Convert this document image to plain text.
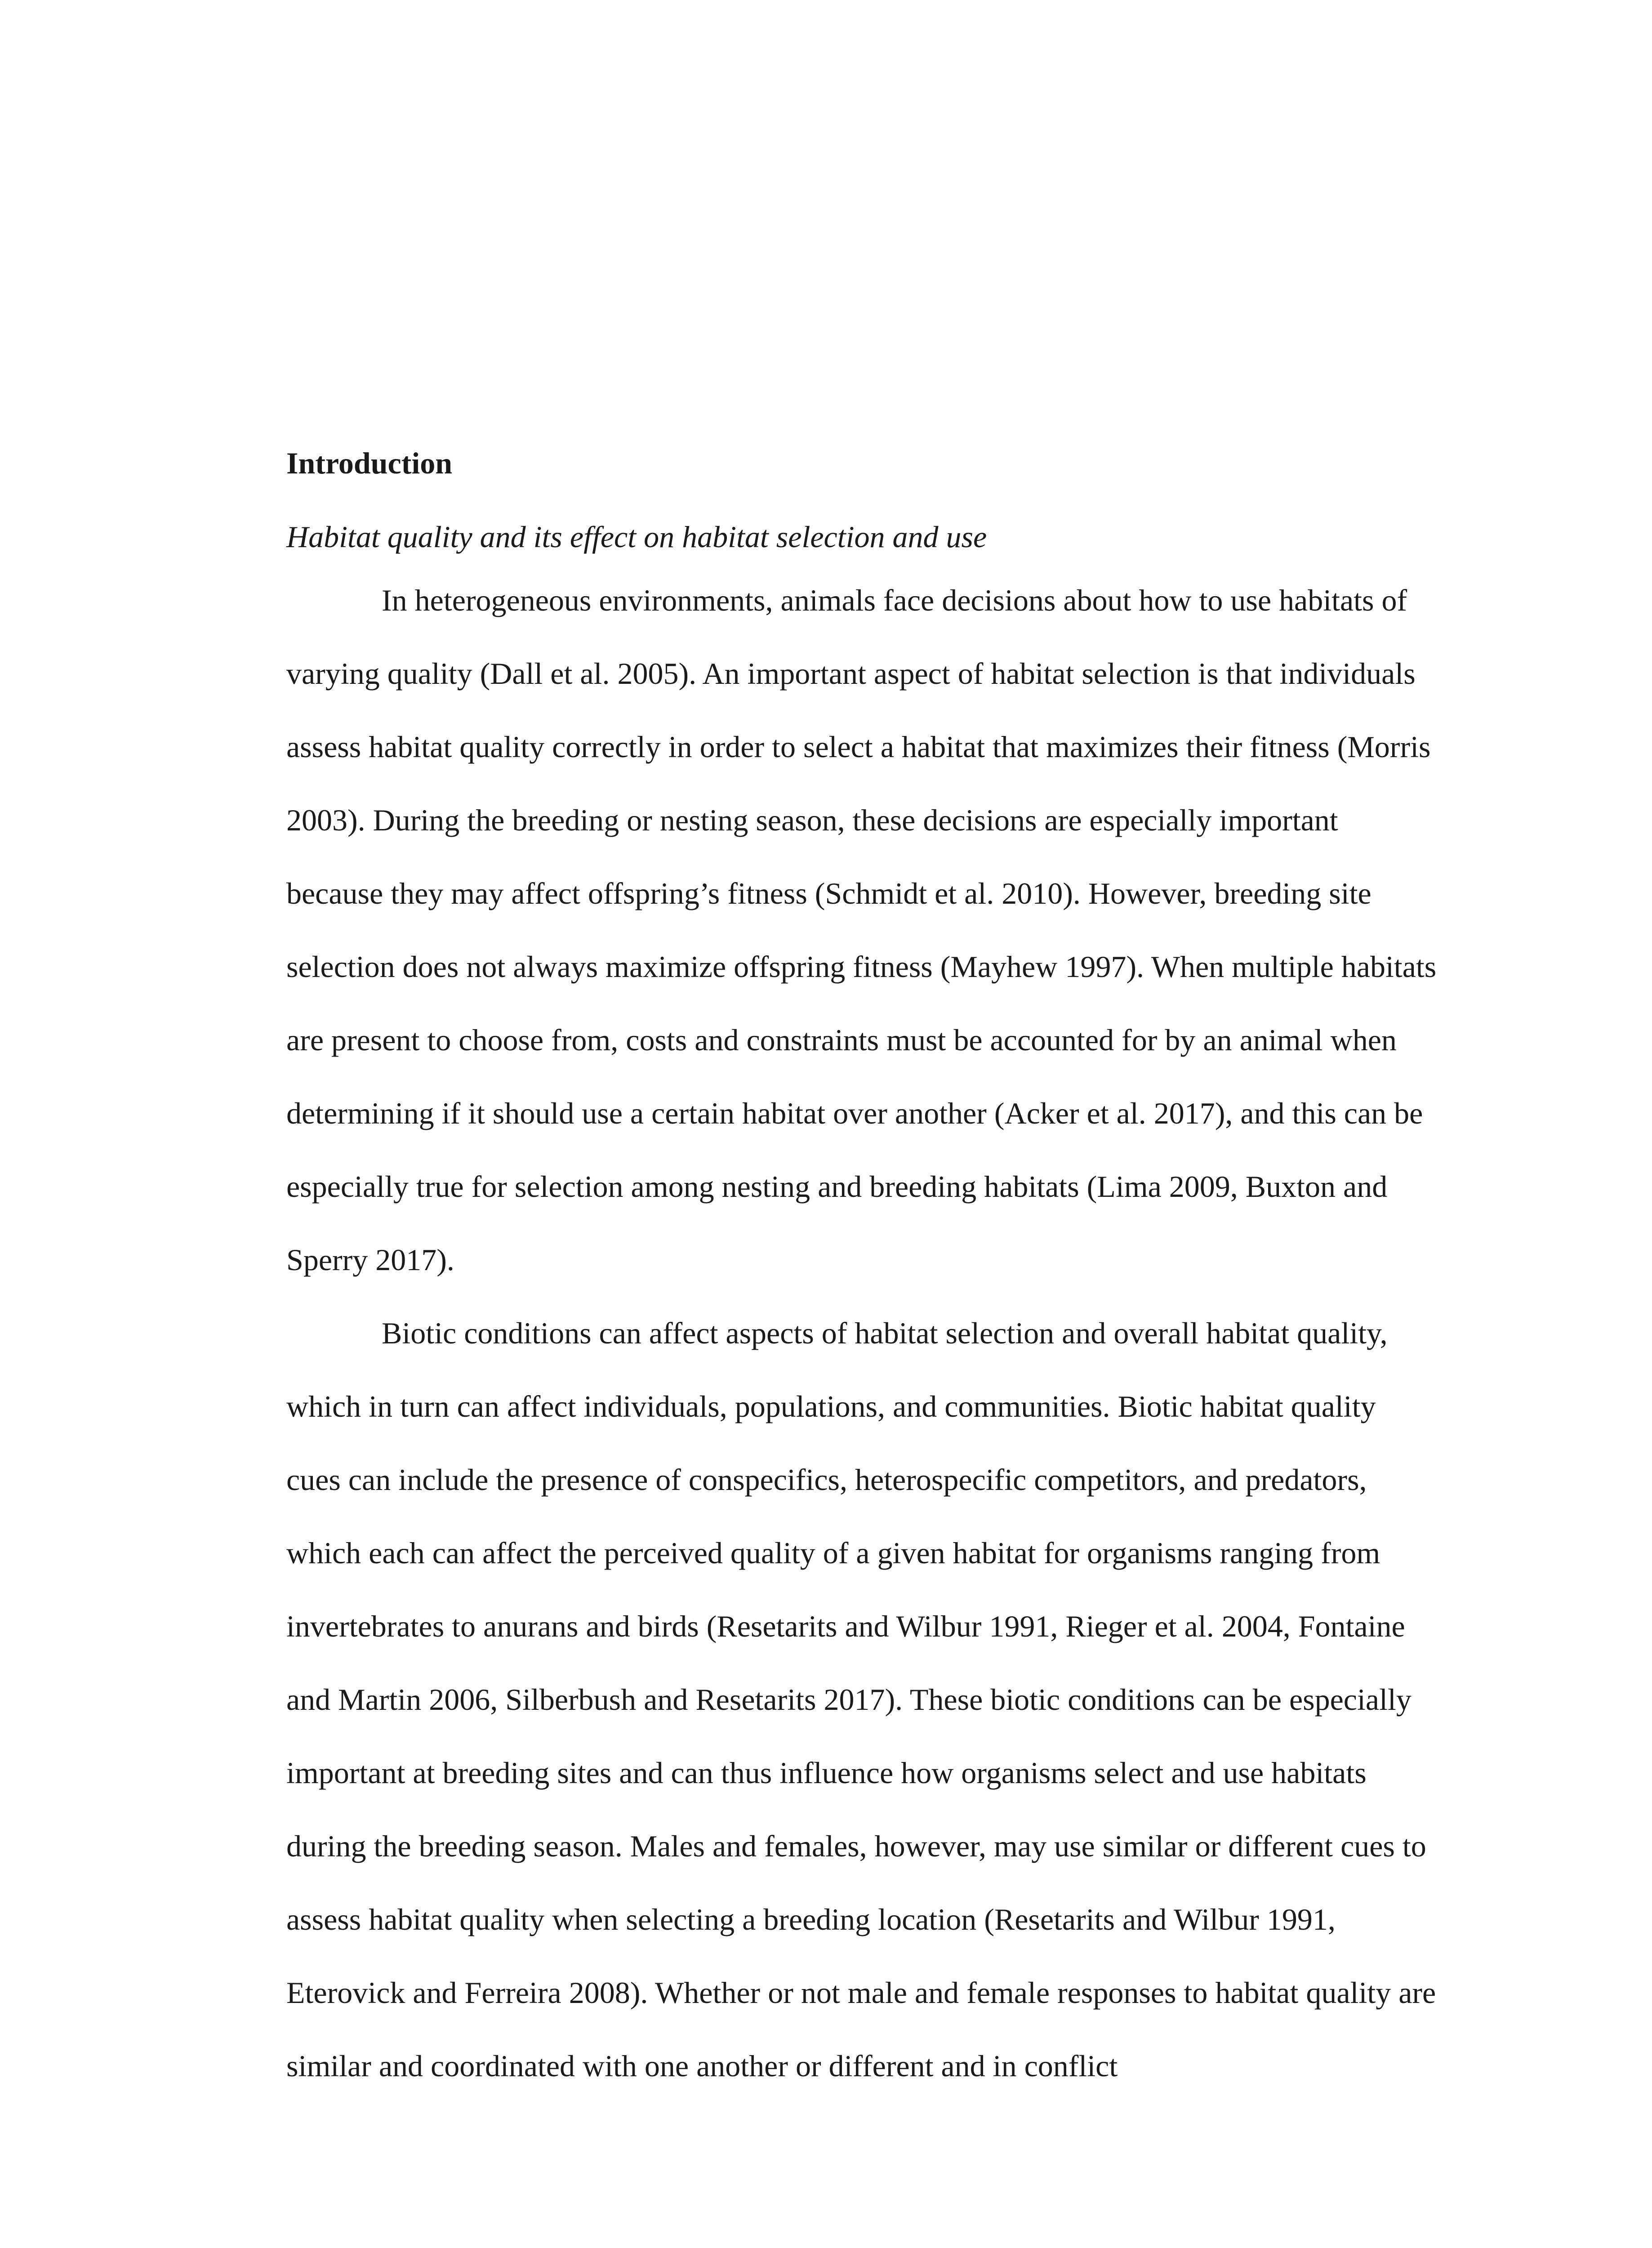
Introduction
Habitat quality and its effect on habitat selection and use

In heterogeneous environments, animals face decisions about how to use habitats of varying quality (Dall et al. 2005). An important aspect of habitat selection is that individuals assess habitat quality correctly in order to select a habitat that maximizes their fitness (Morris 2003). During the breeding or nesting season, these decisions are especially important because they may affect offspring’s fitness (Schmidt et al. 2010). However, breeding site selection does not always maximize offspring fitness (Mayhew 1997). When multiple habitats are present to choose from, costs and constraints must be accounted for by an animal when determining if it should use a certain habitat over another (Acker et al. 2017), and this can be especially true for selection among nesting and breeding habitats (Lima 2009, Buxton and Sperry 2017).

Biotic conditions can affect aspects of habitat selection and overall habitat quality, which in turn can affect individuals, populations, and communities. Biotic habitat quality cues can include the presence of conspecifics, heterospecific competitors, and predators, which each can affect the perceived quality of a given habitat for organisms ranging from invertebrates to anurans and birds (Resetarits and Wilbur 1991, Rieger et al. 2004, Fontaine and Martin 2006, Silberbush and Resetarits 2017). These biotic conditions can be especially important at breeding sites and can thus influence how organisms select and use habitats during the breeding season. Males and females, however, may use similar or different cues to assess habitat quality when selecting a breeding location (Resetarits and Wilbur 1991, Eterovick and Ferreira 2008). Whether or not male and female responses to habitat quality are similar and coordinated with one another or different and in conflict
